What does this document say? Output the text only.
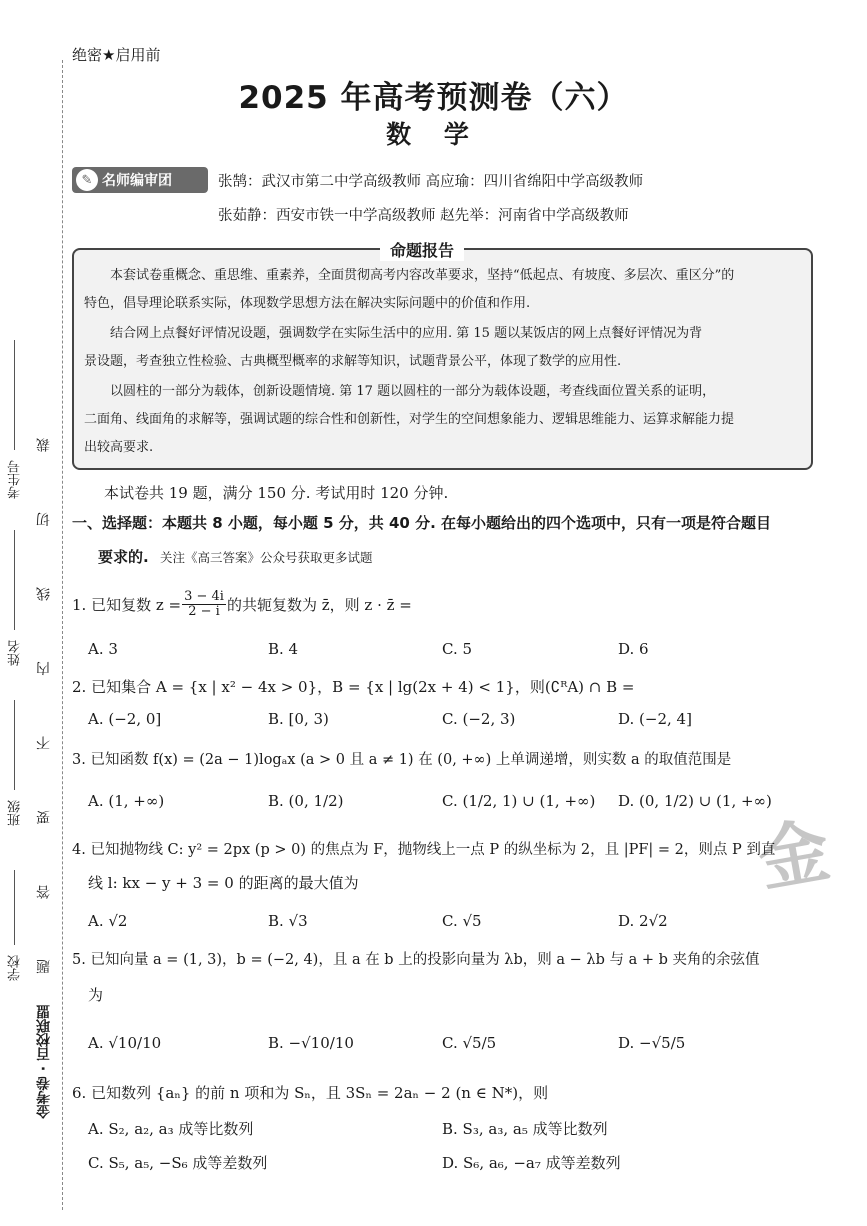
考生号
姓名
班级
学校 题 答 要 不 内 线 切 裁
金考卷 · 百校联盟
绝密★启用前
2025 年高考预测卷（六）
数 学
✎ 名师编审团	张鹄：武汉市第二中学高级教师 高应瑜：四川省绵阳中学高级教师
张茹静：西安市铁一中学高级教师 赵先举：河南省中学高级教师
本套试卷重概念、重思维、重素养，全面贯彻高考内容改革要求，坚持“低起点、有坡度、多层次、重区分”的
特色，倡导理论联系实际，体现数学思想方法在解决实际问题中的价值和作用.
结合网上点餐好评情况设题，强调数学在实际生活中的应用. 第 15 题以某饭店的网上点餐好评情况为背
景设题，考查独立性检验、古典概型概率的求解等知识，试题背景公平，体现了数学的应用性.
以圆柱的一部分为载体，创新设题情境. 第 17 题以圆柱的一部分为载体设题，考查线面位置关系的证明，
二面角、线面角的求解等，强调试题的综合性和创新性，对学生的空间想象能力、逻辑思维能力、运算求解能力提
出较高要求.
命题报告
本试卷共 19 题，满分 150 分. 考试用时 120 分钟.
一、选择题：本题共 8 小题，每小题 5 分，共 40 分. 在每小题给出的四个选项中，只有一项是符合题目
要求的. 关注《高三答案》公众号获取更多试题
1. 已知复数 $z = \frac{3 - 4i}{2 - i}$ 的共轭复数为 z̄，则 z · z̄ =
A. 3	B. 4	C. 5	D. 6
2. 已知集合 A = {x | x² − 4x > 0}，B = {x | lg(2x + 4) < 1}，则(∁ᴿA) ∩ B =
A. (−2, 0]	B. [0, 3)	C. (−2, 3)	D. (−2, 4]
3. 已知函数 f(x) = (2a − 1)logₐx (a > 0 且 a ≠ 1) 在 (0, +∞) 上单调递增，则实数 a 的取值范围是
A. (1, +∞)	B. (0, 1/2)	C. (1/2, 1) ∪ (1, +∞) D. (0, 1/2) ∪ (1, +∞)
金
4. 已知抛物线 C: y² = 2px (p > 0) 的焦点为 F，抛物线上一点 P 的纵坐标为 2，且 |PF| = 2，则点 P 到直
线 l: kx − y + 3 = 0 的距离的最大值为
A. √2	B. √3	C. √5	D. 2√2
5. 已知向量 a = (1, 3)，b = (−2, 4)，且 a 在 b 上的投影向量为 λb，则 a − λb 与 a + b 夹角的余弦值
为
A. √10/10	B. −√10/10	C. √5/5	D. −√5/5
6. 已知数列 {aₙ} 的前 n 项和为 Sₙ，且 3Sₙ = 2aₙ − 2 (n ∈ N*)，则
A. S₂, a₂, a₃ 成等比数列	B. S₃, a₃, a₅ 成等比数列
C. S₅, a₅, −S₆ 成等差数列	D. S₆, a₆, −a₇ 成等差数列
